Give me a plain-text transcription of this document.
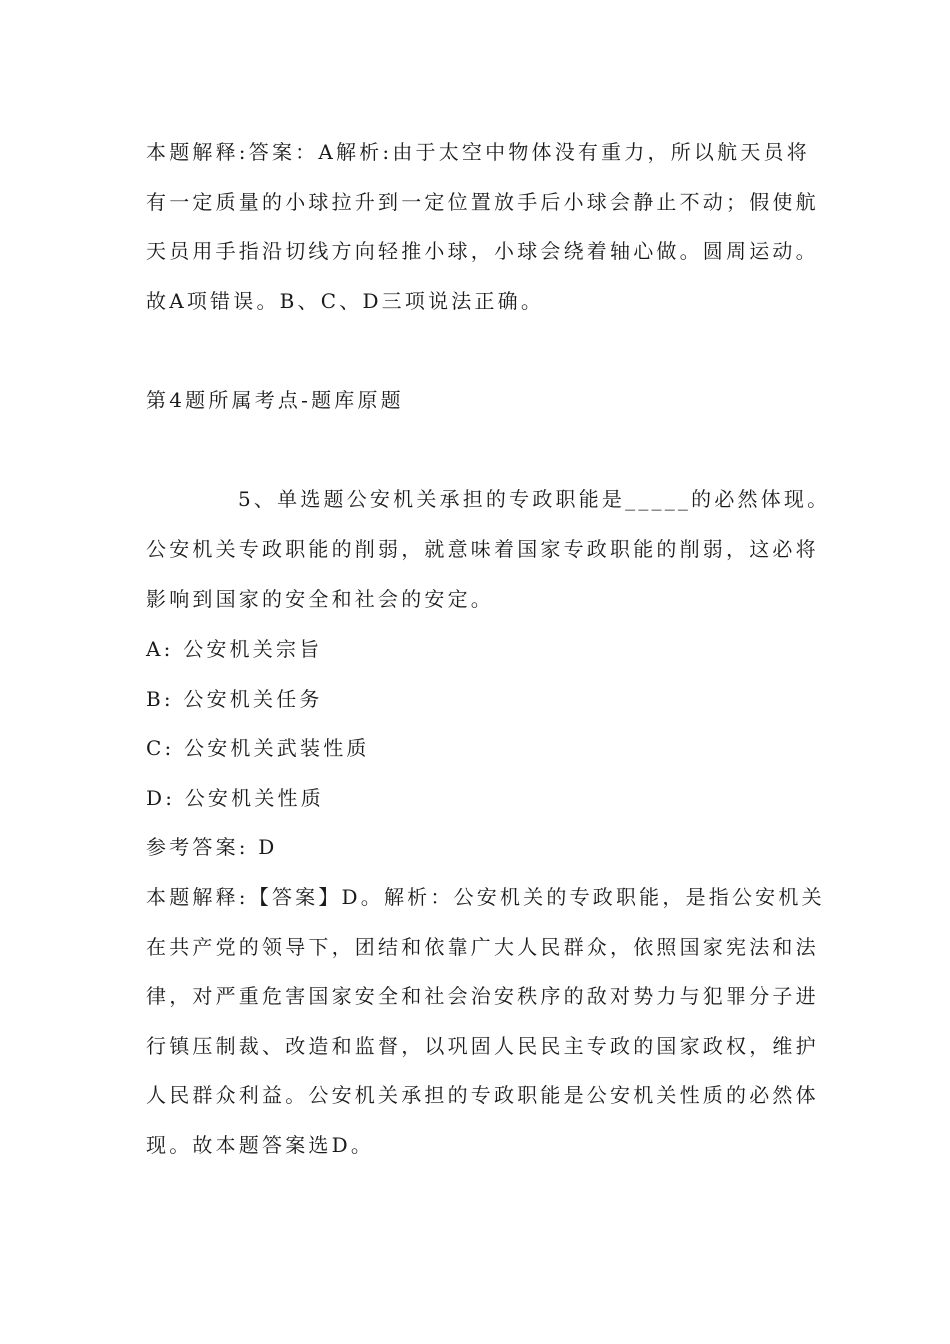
本题解释:答案：A解析:由于太空中物体没有重力，所以航天员将
有一定质量的小球拉升到一定位置放手后小球会静止不动；假使航
天员用手指沿切线方向轻推小球，小球会绕着轴心做。圆周运动。
故A项错误。B、C、D三项说法正确。
第4题所属考点-题库原题
5、单选题公安机关承担的专政职能是_____的必然体现。
公安机关专政职能的削弱，就意味着国家专政职能的削弱，这必将
影响到国家的安全和社会的安定。
A: 公安机关宗旨
B: 公安机关任务
C: 公安机关武装性质
D: 公安机关性质
参考答案: D
本题解释:【答案】D。解析：公安机关的专政职能，是指公安机关
在共产党的领导下，团结和依靠广大人民群众，依照国家宪法和法
律，对严重危害国家安全和社会治安秩序的敌对势力与犯罪分子进
行镇压制裁、改造和监督，以巩固人民民主专政的国家政权，维护
人民群众利益。公安机关承担的专政职能是公安机关性质的必然体
现。故本题答案选D。
